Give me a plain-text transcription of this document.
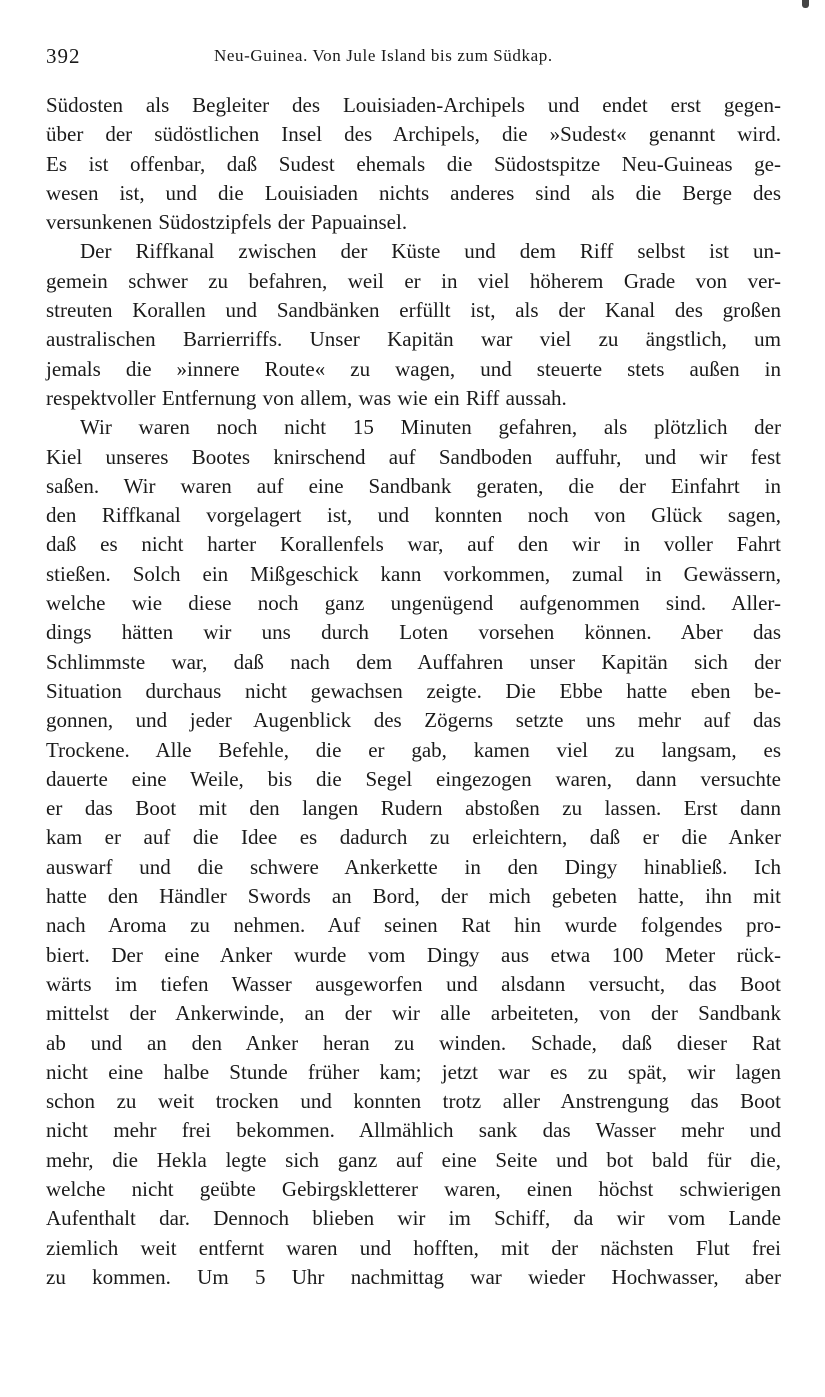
392	Neu-Guinea. Von Jule Island bis zum Südkap.
Südosten als Begleiter des Louisiaden-Archipels und endet erst gegen-
über der südöstlichen Insel des Archipels, die »Sudest« genannt wird.
Es ist offenbar, daß Sudest ehemals die Südostspitze Neu-Guineas ge-
wesen ist, und die Louisiaden nichts anderes sind als die Berge des
versunkenen Südostzipfels der Papuainsel.
Der Riffkanal zwischen der Küste und dem Riff selbst ist un-
gemein schwer zu befahren, weil er in viel höherem Grade von ver-
streuten Korallen und Sandbänken erfüllt ist, als der Kanal des großen
australischen Barrierriffs. Unser Kapitän war viel zu ängstlich, um
jemals die »innere Route« zu wagen, und steuerte stets außen in
respektvoller Entfernung von allem, was wie ein Riff aussah.
Wir waren noch nicht 15 Minuten gefahren, als plötzlich der
Kiel unseres Bootes knirschend auf Sandboden auffuhr, und wir fest
saßen. Wir waren auf eine Sandbank geraten, die der Einfahrt in
den Riffkanal vorgelagert ist, und konnten noch von Glück sagen,
daß es nicht harter Korallenfels war, auf den wir in voller Fahrt
stießen. Solch ein Mißgeschick kann vorkommen, zumal in Gewässern,
welche wie diese noch ganz ungenügend aufgenommen sind. Aller-
dings hätten wir uns durch Loten vorsehen können. Aber das
Schlimmste war, daß nach dem Auffahren unser Kapitän sich der
Situation durchaus nicht gewachsen zeigte. Die Ebbe hatte eben be-
gonnen, und jeder Augenblick des Zögerns setzte uns mehr auf das
Trockene. Alle Befehle, die er gab, kamen viel zu langsam, es
dauerte eine Weile, bis die Segel eingezogen waren, dann versuchte
er das Boot mit den langen Rudern abstoßen zu lassen. Erst dann
kam er auf die Idee es dadurch zu erleichtern, daß er die Anker
auswarf und die schwere Ankerkette in den Dingy hinabließ. Ich
hatte den Händler Swords an Bord, der mich gebeten hatte, ihn mit
nach Aroma zu nehmen. Auf seinen Rat hin wurde folgendes pro-
biert. Der eine Anker wurde vom Dingy aus etwa 100 Meter rück-
wärts im tiefen Wasser ausgeworfen und alsdann versucht, das Boot
mittelst der Ankerwinde, an der wir alle arbeiteten, von der Sandbank
ab und an den Anker heran zu winden. Schade, daß dieser Rat
nicht eine halbe Stunde früher kam; jetzt war es zu spät, wir lagen
schon zu weit trocken und konnten trotz aller Anstrengung das Boot
nicht mehr frei bekommen. Allmählich sank das Wasser mehr und
mehr, die Hekla legte sich ganz auf eine Seite und bot bald für die,
welche nicht geübte Gebirgskletterer waren, einen höchst schwierigen
Aufenthalt dar. Dennoch blieben wir im Schiff, da wir vom Lande
ziemlich weit entfernt waren und hofften, mit der nächsten Flut frei
zu kommen. Um 5 Uhr nachmittag war wieder Hochwasser, aber
